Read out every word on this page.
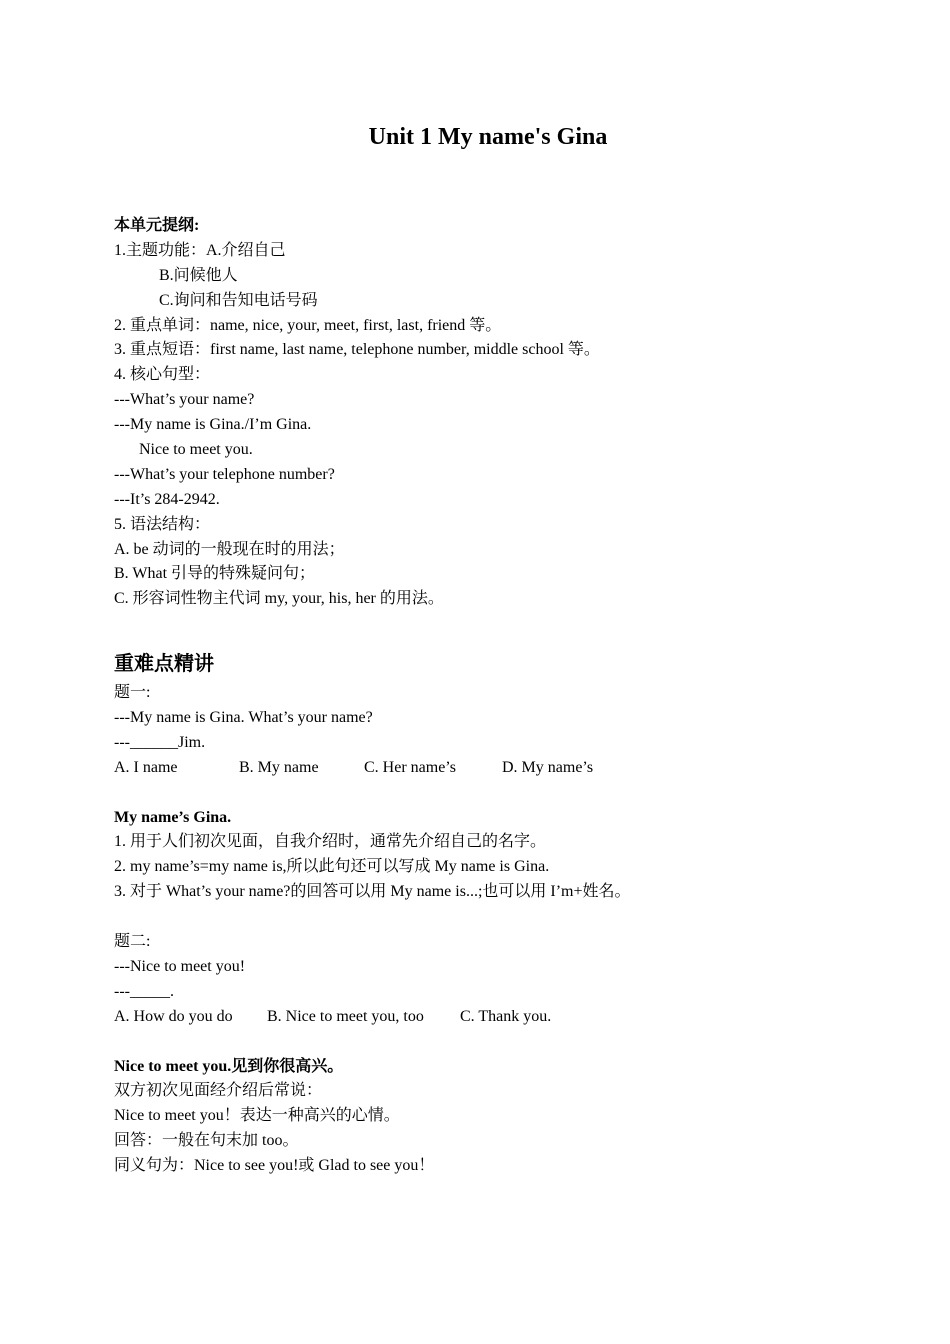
Unit 1 My name's Gina
本单元提纲:
1.主题功能：A.介绍自己
B.问候他人
C.询问和告知电话号码
2. 重点单词：name, nice, your, meet, first, last, friend 等。
3. 重点短语：first name, last name, telephone number, middle school 等。
4. 核心句型：
---What’s your name?
---My name is Gina./I’m Gina.
Nice to meet you.
---What’s your telephone number?
---It’s 284-2942.
5. 语法结构：
A. be 动词的一般现在时的用法；
B. What 引导的特殊疑问句；
C. 形容词性物主代词 my, your, his, her 的用法。
重难点精讲
题一:
---My name is Gina. What’s your name?
---______Jim.
A. I name	B. My name	C. Her name’s	D. My name’s
My name’s Gina.
1. 用于人们初次见面，自我介绍时，通常先介绍自己的名字。
2. my name’s=my name is,所以此句还可以写成 My name is Gina.
3. 对于 What’s your name?的回答可以用 My name is...;也可以用 I’m+姓名。
题二:
---Nice to meet you!
---_____.
A. How do you do	B. Nice to meet you, too	C. Thank you.
Nice to meet you.见到你很高兴。
双方初次见面经介绍后常说：
Nice to meet you！表达一种高兴的心情。
回答：一般在句末加 too。
同义句为：Nice to see you!或 Glad to see you！
